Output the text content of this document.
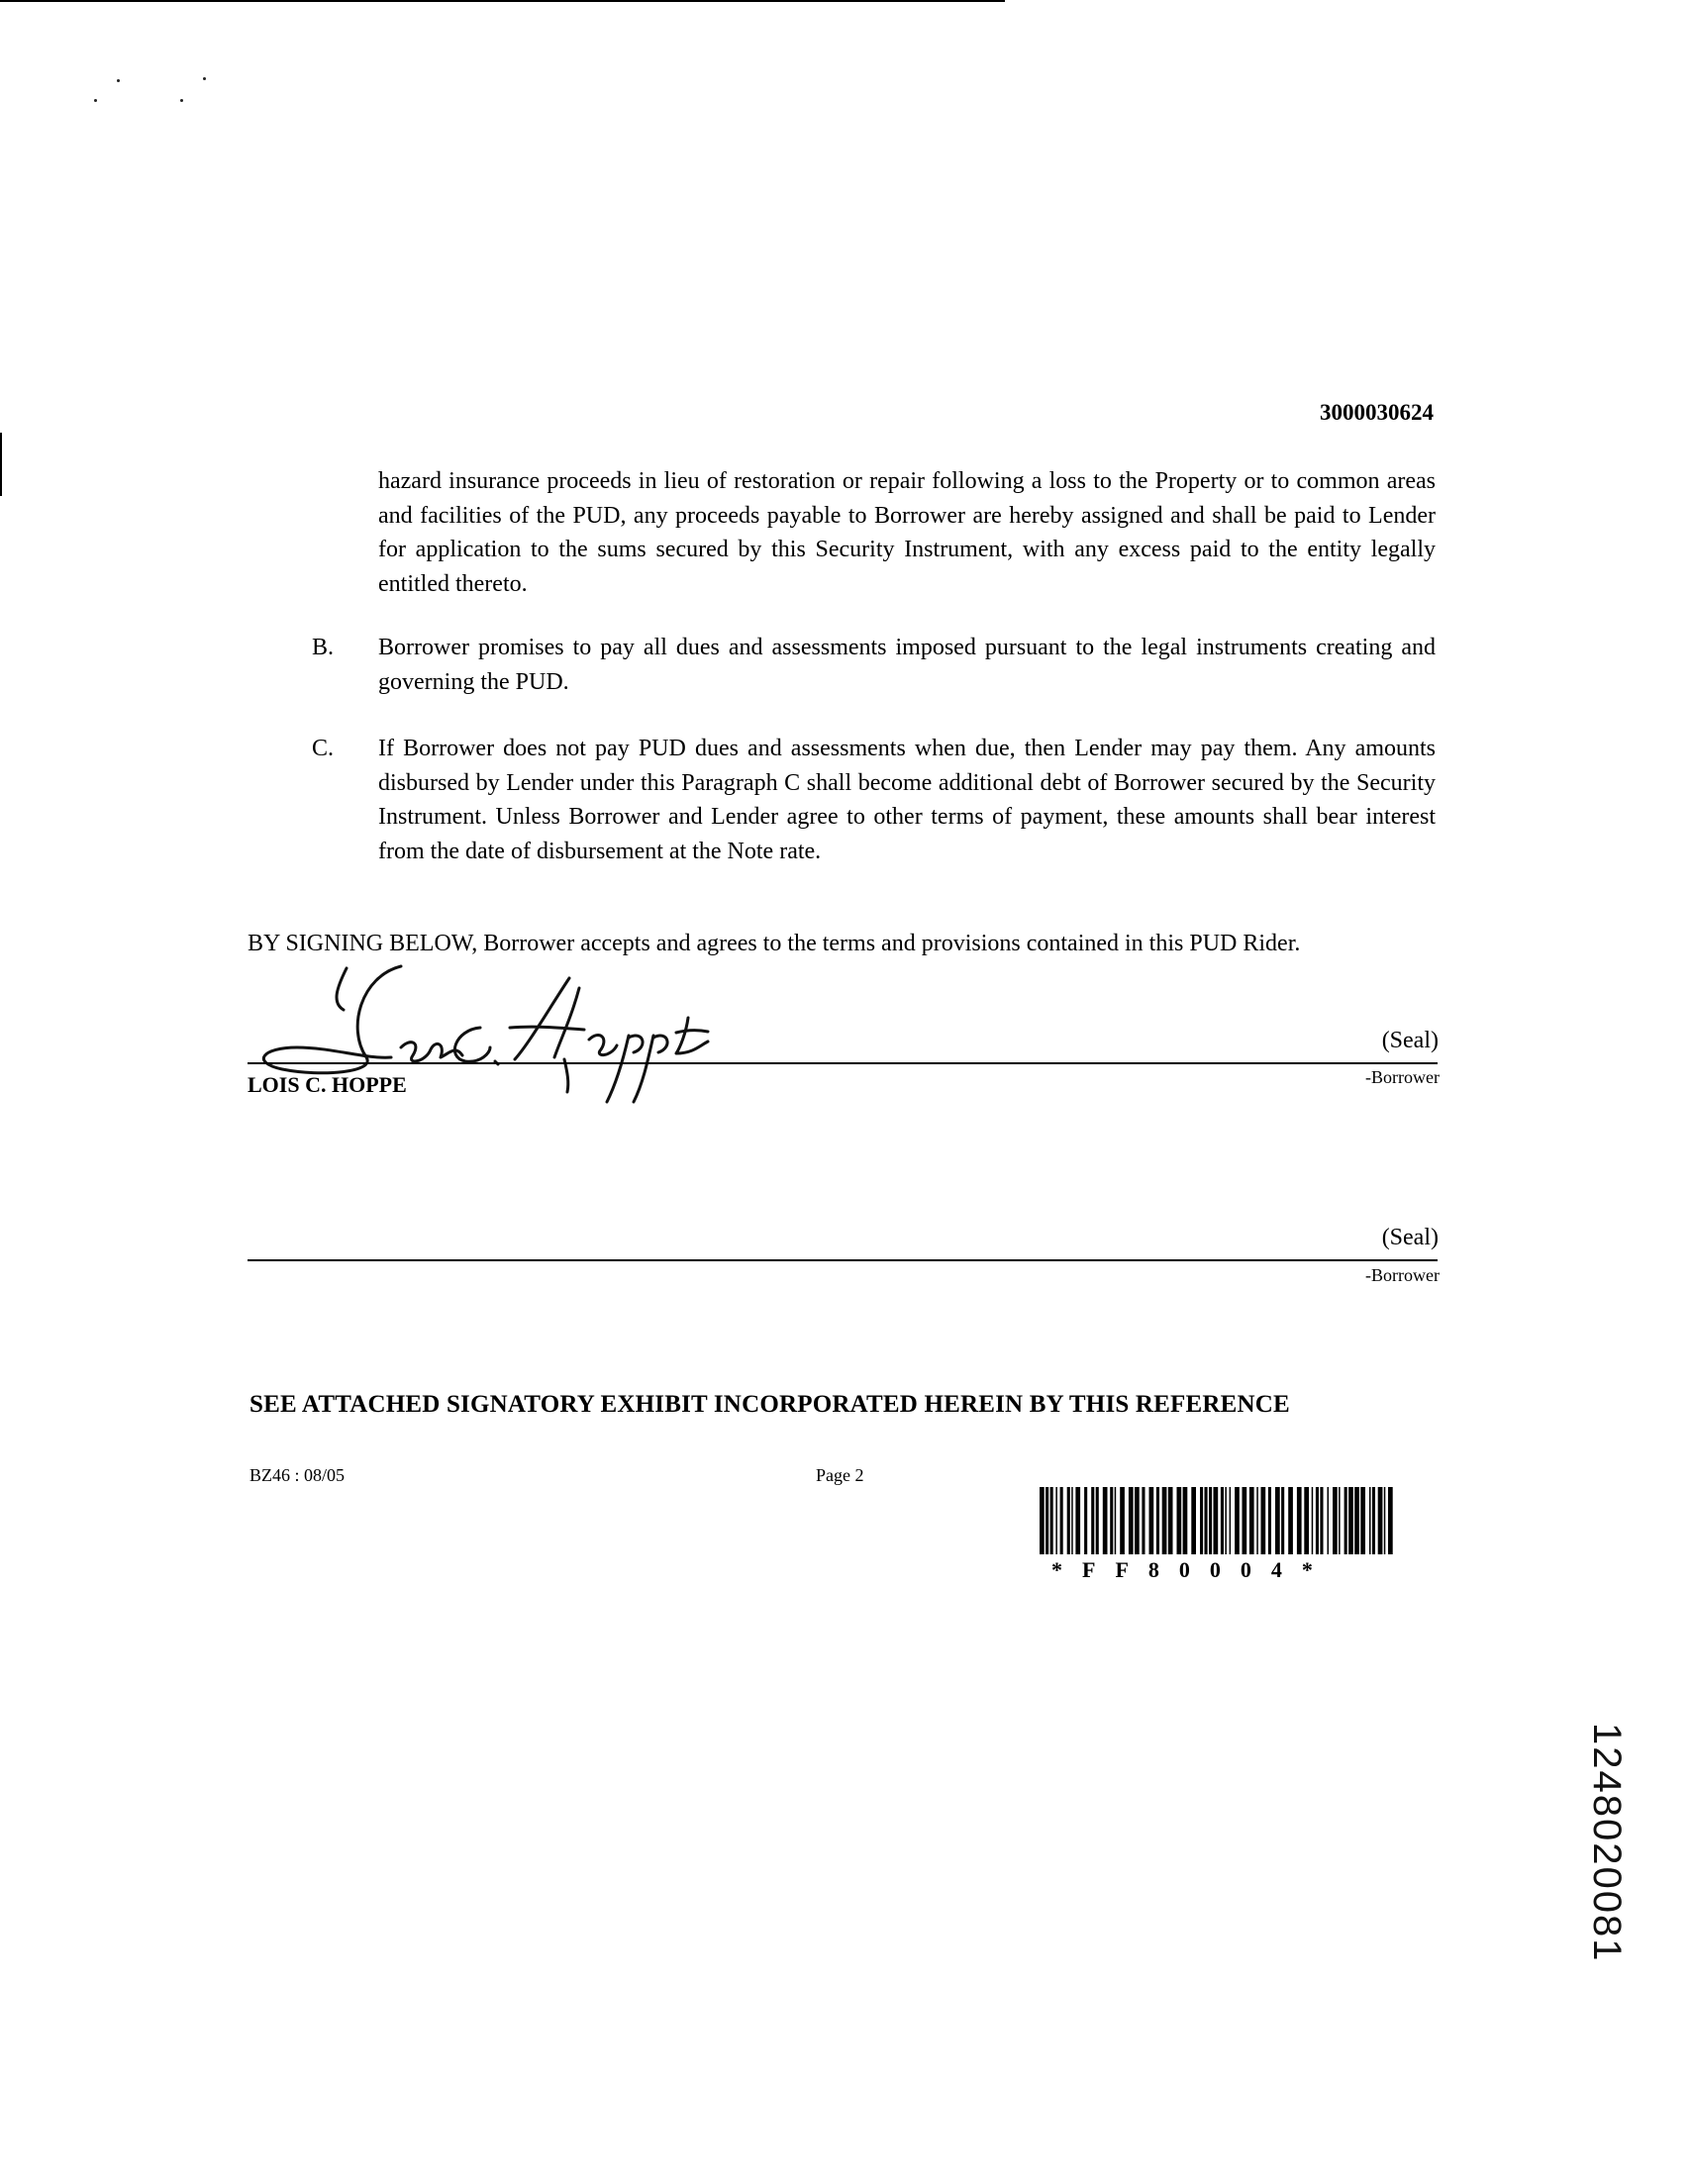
3000030624

hazard insurance proceeds in lieu of restoration or repair following a loss to the Property or to common areas and facilities of the PUD, any proceeds payable to Borrower are hereby assigned and shall be paid to Lender for application to the sums secured by this Security Instrument, with any excess paid to the entity legally entitled thereto.

B. Borrower promises to pay all dues and assessments imposed pursuant to the legal instruments creating and governing the PUD.

C. If Borrower does not pay PUD dues and assessments when due, then Lender may pay them. Any amounts disbursed by Lender under this Paragraph C shall become additional debt of Borrower secured by the Security Instrument. Unless Borrower and Lender agree to other terms of payment, these amounts shall bear interest from the date of disbursement at the Note rate.

BY SIGNING BELOW, Borrower accepts and agrees to the terms and provisions contained in this PUD Rider.

(Seal)
LOIS C. HOPPE	-Borrower
(Seal)
-Borrower
SEE ATTACHED SIGNATORY EXHIBIT INCORPORATED HEREIN BY THIS REFERENCE
BZ46 : 08/05	Page 2
*FF80004*
1248020081
